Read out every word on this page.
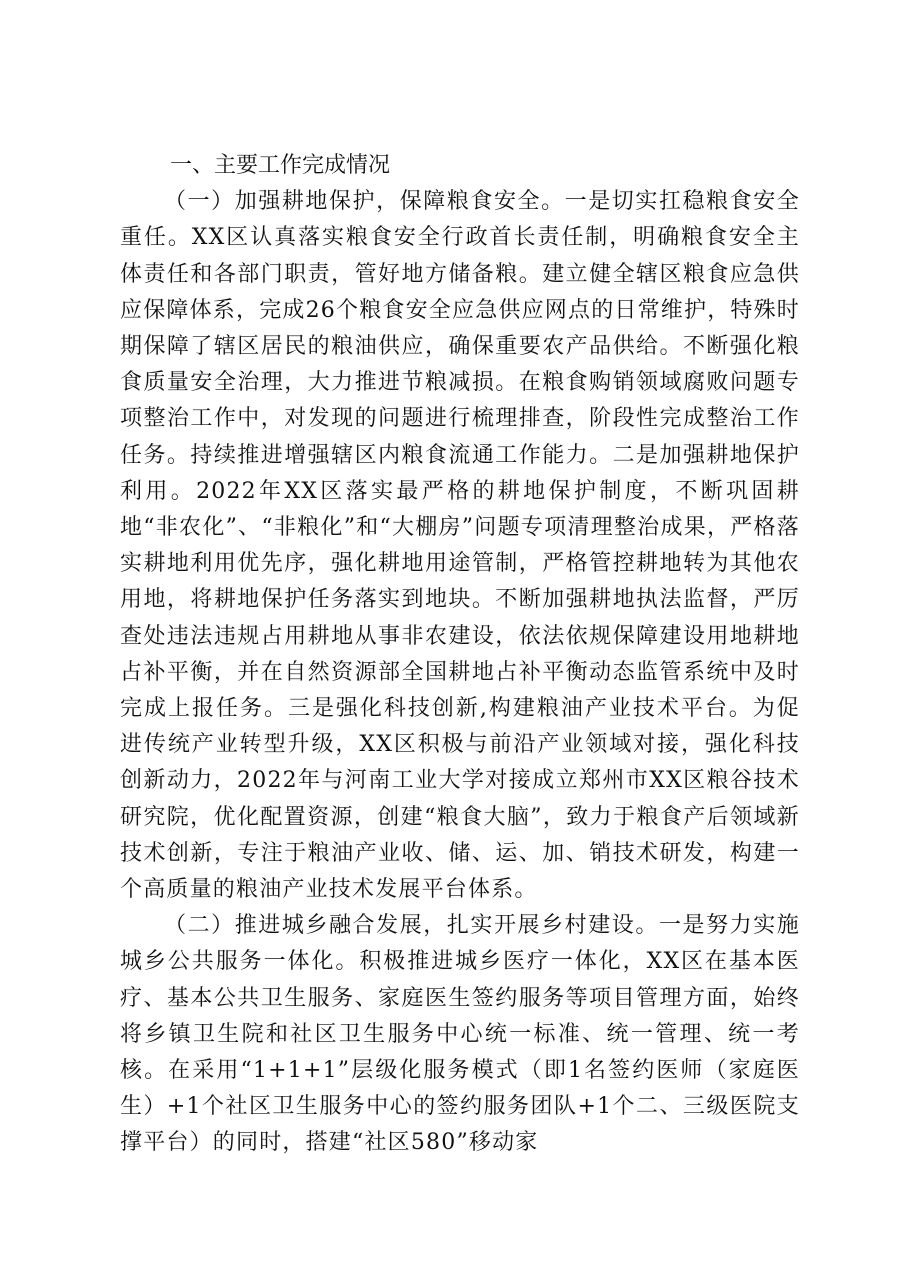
一、主要工作完成情况

（一）加强耕地保护，保障粮食安全。一是切实扛稳粮食安全重任。XX区认真落实粮食安全行政首长责任制，明确粮食安全主体责任和各部门职责，管好地方储备粮。建立健全辖区粮食应急供应保障体系，完成26个粮食安全应急供应网点的日常维护，特殊时期保障了辖区居民的粮油供应，确保重要农产品供给。不断强化粮食质量安全治理，大力推进节粮减损。在粮食购销领域腐败问题专项整治工作中，对发现的问题进行梳理排查，阶段性完成整治工作任务。持续推进增强辖区内粮食流通工作能力。二是加强耕地保护利用。2022年XX区落实最严格的耕地保护制度，不断巩固耕地“非农化”、“非粮化”和“大棚房”问题专项清理整治成果，严格落实耕地利用优先序，强化耕地用途管制，严格管控耕地转为其他农用地，将耕地保护任务落实到地块。不断加强耕地执法监督，严厉查处违法违规占用耕地从事非农建设，依法依规保障建设用地耕地占补平衡，并在自然资源部全国耕地占补平衡动态监管系统中及时完成上报任务。三是强化科技创新,构建粮油产业技术平台。为促进传统产业转型升级，XX区积极与前沿产业领域对接，强化科技创新动力，2022年与河南工业大学对接成立郑州市XX区粮谷技术研究院，优化配置资源，创建“粮食大脑”，致力于粮食产后领域新技术创新，专注于粮油产业收、储、运、加、销技术研发，构建一个高质量的粮油产业技术发展平台体系。

（二）推进城乡融合发展，扎实开展乡村建设。一是努力实施城乡公共服务一体化。积极推进城乡医疗一体化，XX区在基本医疗、基本公共卫生服务、家庭医生签约服务等项目管理方面，始终将乡镇卫生院和社区卫生服务中心统一标准、统一管理、统一考核。在采用“1+1+1”层级化服务模式（即1名签约医师（家庭医生）+1个社区卫生服务中心的签约服务团队+1个二、三级医院支撑平台）的同时，搭建“社区580”移动家
